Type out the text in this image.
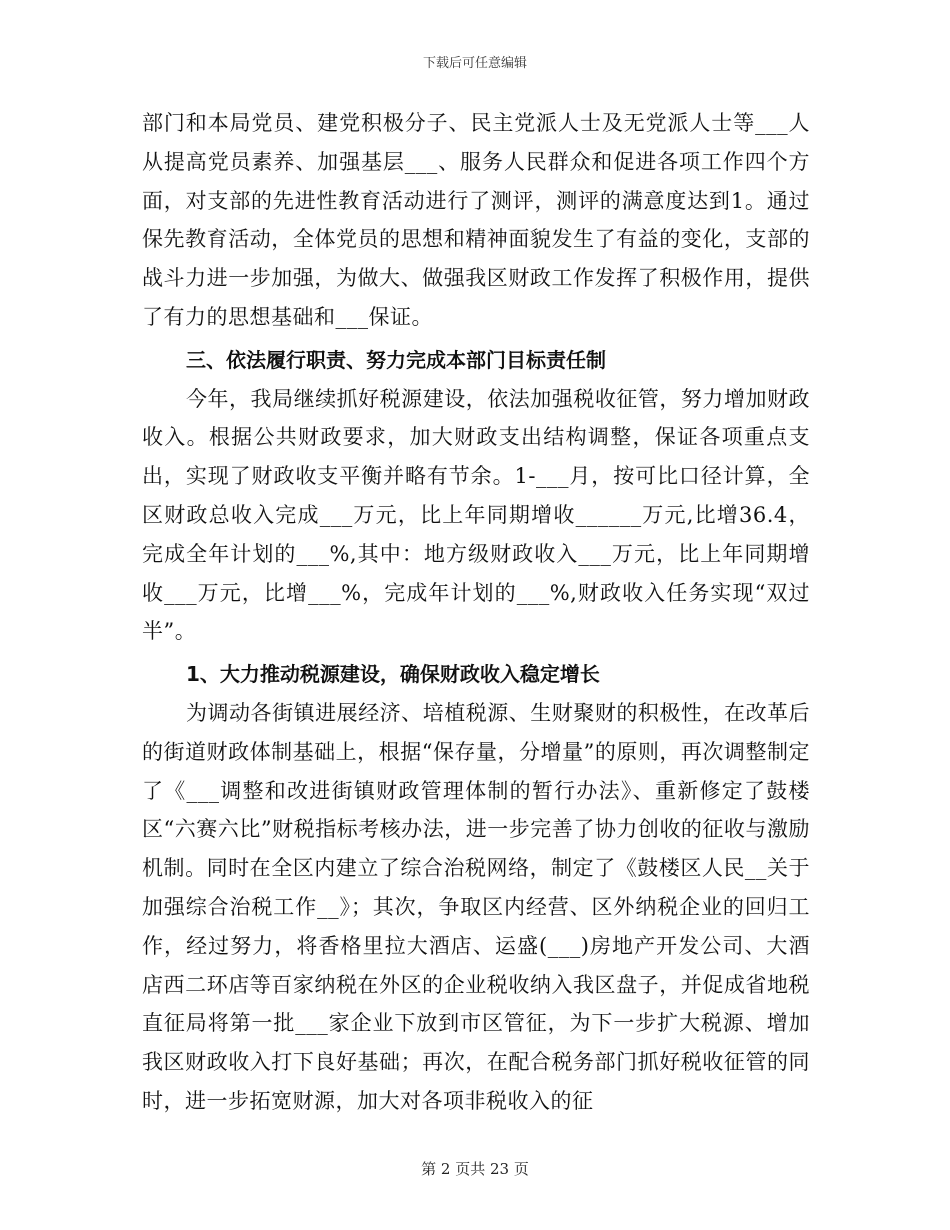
下载后可任意编辑

部门和本局党员、建党积极分子、民主党派人士及无党派人士等___人从提高党员素养、加强基层___、服务人民群众和促进各项工作四个方面，对支部的先进性教育活动进行了测评，测评的满意度达到1。通过保先教育活动，全体党员的思想和精神面貌发生了有益的变化，支部的战斗力进一步加强，为做大、做强我区财政工作发挥了积极作用，提供了有力的思想基础和___保证。

三、依法履行职责、努力完成本部门目标责任制

今年，我局继续抓好税源建设，依法加强税收征管，努力增加财政收入。根据公共财政要求，加大财政支出结构调整，保证各项重点支出，实现了财政收支平衡并略有节余。1-___月，按可比口径计算，全区财政总收入完成___万元，比上年同期增收______万元,比增36.4，完成全年计划的___%,其中：地方级财政收入___万元，比上年同期增收___万元，比增___%，完成年计划的___%,财政收入任务实现“双过半”。

1、大力推动税源建设，确保财政收入稳定增长

为调动各街镇进展经济、培植税源、生财聚财的积极性，在改革后的街道财政体制基础上，根据“保存量，分增量”的原则，再次调整制定了《___调整和改进街镇财政管理体制的暂行办法》、重新修定了鼓楼区“六赛六比”财税指标考核办法，进一步完善了协力创收的征收与激励机制。同时在全区内建立了综合治税网络，制定了《鼓楼区人民__关于加强综合治税工作__》；其次，争取区内经营、区外纳税企业的回归工作，经过努力，将香格里拉大酒店、运盛(___)房地产开发公司、大酒店西二环店等百家纳税在外区的企业税收纳入我区盘子，并促成省地税直征局将第一批___家企业下放到市区管征，为下一步扩大税源、增加我区财政收入打下良好基础；再次，在配合税务部门抓好税收征管的同时，进一步拓宽财源，加大对各项非税收入的征

第 2 页共 23 页
